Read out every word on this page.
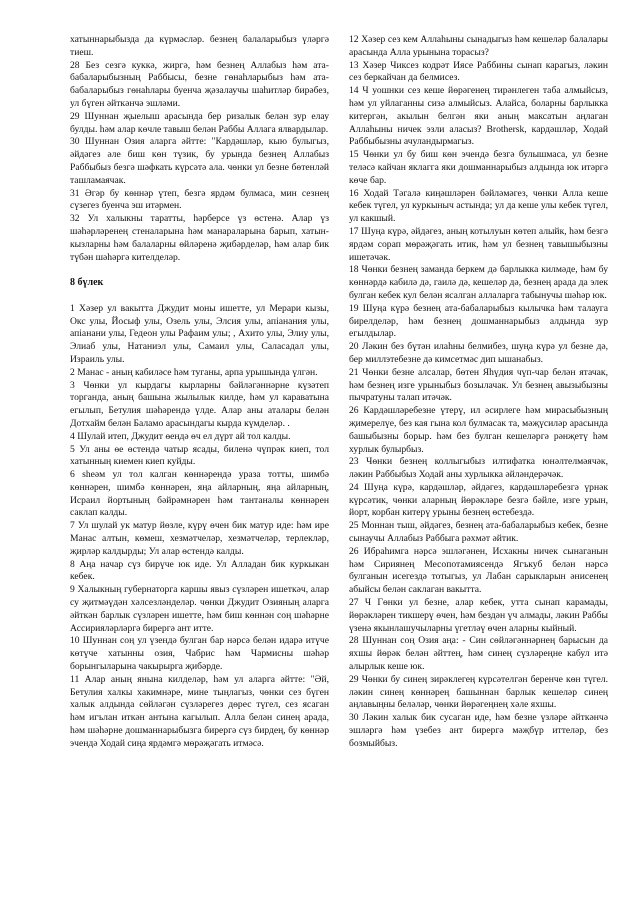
хатыннарыбызда да күрмәсләр. безнең балаларыбыз үләргә тиеш.

28 Без сезгә куккә, жиргә, һәм безнең Аллабыз һәм ата-бабаларыбызның Раббысы, безне гөнаһларыбыз һәм ата-бабаларыбыз гөнаһлары буенча җәзалаучы шаһитләр бирәбез, ул бүген әйткәнчә эшләми.

29 Шуннан җыелыш арасында бер ризалык белән зур елау булды. һәм алар көчле тавыш белән Раббы Аллага ялвардылар.

30 Шуннан Озия аларга әйтте: "Кардәшләр, кыю булыгыз, әйдәгез әле биш көн түзик, бу урында безнең Аллабыз Раббыбыз безгә шәфкать күрсәтә ала. чөнки ул безне бөтенләй ташламаячак.

31 Әгәр бу көннәр үтеп, безгә ярдәм булмаса, мин сезнең сүзегез буенча эш итәрмен.

32 Ул халыкны таратты, һәрберсе үз өстенә. Алар үз шәһәрләренең стеналарына һәм манараларына барып, хатын-кызларны һәм балаларны өйләренә җибәрделәр, һәм алар бик түбән шәһәргә кителделәр.

8 бүлек

1 Хәзер ул вакытта Джудит моны ишетте, ул Мерари кызы, Окс улы, Йосыф улы, Озель улы, Элсия улы, апіанания улы, апіанани улы, Гедеон улы Рафаим улы; , Ахито улы, Элиу улы, Элиаб улы, Натаниэл улы, Самаил улы, Саласадал улы, Израиль улы.

2 Манас - аның кабиләсе һәм туганы, арпа урышында үлгән.

3 Чөнки ул кырдагы кырларны бәйләгәннәрне күзәтеп торганда, аның башына жылылык килде, һәм ул караватына егылып, Бетулия шәһәрендә үлде. Алар аны аталары белән Дотхайм белән Баламо арасындагы кырда күмделәр. .

4 Шулай итеп, Джудит өендә өч ел дүрт ай тол калды.

5 Ул аны өе өстендә чатыр ясады, биленә чүпрәк киеп, тол хатынның киемен киеп куйды.

6 sheәм ул тол калган көннәрендә ураза тотты, шимбә көннәрен, шимбә көннәрен, яңа айларның, яңа айларның, Исраил йортының бәйрәмнәрен һәм тантаналы көннәрен саклап калды.

7 Ул шулай ук матур йөзле, күрү өчен бик матур иде: һәм ире Манас алтын, көмеш, хезмәтчеләр, хезмәтчеләр, терлекләр, җирләр калдырды; Ул алар өстендә калды.

8 Аңа начар сүз бирүче юк иде. Ул Алладан бик куркыкан кебек.

9 Халыкның губернаторга каршы явыз сүзләрен ишеткәч, алар су җитмәүдән хәлсезләнделәр. чөнки Джудит Озияның аларга әйткән барлык сүзләрен ишетте, һәм биш көннән соң шәһәрне Ассирияләрләргә бирергә ант итте.

10 Шуннан соң ул үзендә булган бар нәрсә белән идарә итүче көтүче хатынны озия, Чабрис һәм Чармисны шәһәр борынгыларына чакырырга җибәрде.

11 Алар аның янына килделәр, һәм ул аларга әйтте: "Әй, Бетулия халкы хакимнәре, мине тыңлагыз, чөнки сез бүген халык алдында сөйләгән сүзләрегез дөрес түгел, сез ясаган һәм игълан иткән антына кагылып. Алла белән синең арада, һәм шәһәрне дошманнарыбызга бирергә сүз бирдең, бу көннәр эчендә Ходай сиңа ярдәмгә мөрәҗәгать итмәсә.

12 Хәзер сез кем Аллаһыны сынадыгыз һәм кешеләр балалары арасында Алла урынына торасыз?

13 Хәзер Чиксез кодрәт Иясе Раббины сынап карагыз, ләкин сез беркайчан да белмисез.

14 Ч уошнки сез кеше йөрәгенең тирәнлеген таба алмыйсыз, һәм ул уйлаганны сизә алмыйсыз. Алайса, боларны барлыкка китергән, акылын белгән яки аның максатын аңлаган Аллаһыны ничек эзли аласыз? Brothersk, кардәшләр, Ходай Раббыбызны ачуландырмагыз.

15 Чөнки ул бу биш көн эчендә безгә булышмаса, ул безне теләсә кайчан яклагга яки дошманнарыбыз алдында юк итәргә көче бар.

16 Ходай Тәгалә киңәшләрен бәйләмәгез, чөнки Алла кеше кебек түгел, ул куркыныч астында; ул да кеше улы кебек түгел, ул какшый.

17 Шуңа күрә, әйдәгез, аның котылуын көтеп алыйк, һәм безгә ярдәм сорап мөрәҗәгать итик, һәм ул безнең тавышыбызны ишетәчәк.

18 Чөнки безнең заманда беркем дә барлыкка килмәде, һәм бу көннәрдә кабилә дә, гаилә дә, кешеләр дә, безнең арада да элек булган кебек кул белән ясалган аллаларга табынучы шәһәр юк.

19 Шуңа күрә безнең ата-бабаларыбыз кылычка һәм талауга бирелделәр, һәм безнең дошманнарыбыз алдында зур егылдылар.

20 Ләкин без бүтән илаһны белмибез, шуңа күрә ул безне дә, бер миллэтебезне дә кимсетмәс дип ышанабыз.

21 Чөнки безне алсалар, бөтен Яһүдия чүп-чар белән ятачак, һәм безнең изге урыныбыз бозылачак. Ул безнең авызыбызны пычратуны талап итәчәк.

26 Кардәшләребезне үтерү, ил әсирлеге һәм мирасыбызның җимерелүе, без кая гына кол булмасак та, мәҗүсиләр арасында башыбызны борыр. һәм без булган кешеләргә рәнҗетү һәм хурлык булырбыз.

23 Чөнки безнең коллыгыбыз илтифатка юнәлтелмәячәк, ләкин Раббыбыз Ходай аны хурлыкка әйләндерәчәк.

24 Шуңа күрә, кардәшләр, әйдәгез, кардәшләребезгә үрнәк күрсәтик, чөнки аларның йөрәкләре безгә бәйле, изге урын, йорт, корбан китерү урыны безнең өстебездә.

25 Моннан тыш, әйдәгез, безнең ата-бабаларыбыз кебек, безне сынаучы Аллабыз Раббыга рәхмәт әйтик.

26 Ибраһимга нәрсә эшләгәнен, Исхакны ничек сынаганын һәм Сириянең Месопотамиясендә Ягъкуб белән нәрсә булганын исегездә тотыгыз, ул Лабан сарыкларын әнисенең абыйсы белән саклаган вакытта.

27 Ч Гөнки ул безне, алар кебек, утта сынап карамады, йөрәкләрен тикшерү өчен, һәм бездән үч алмады, ләкин Раббы үзенә якынлашучыларны үгетләү өчен аларны кыйный.

28 Шуннан соң Озия аңа: - Син сөйләгәннәрнең барысын да яхшы йөрәк белән әйттең, һәм синең сүзләреңне кабул итә алырлык кеше юк.

29 Чөнки бу синең зирәклегең күрсәтелгән беренче көн түгел. ләкин синең көннәрең башыннан барлык кешеләр синең аңлавыңны беләләр, чөнки йөрәгеңнең хәле яхшы.

30 Ләкин халык бик сусаган иде, һәм безне үзләре әйткәнчә эшләргә һәм үзебез ант бирергә мәҗбүр иттеләр, без бозмыйбыз.
